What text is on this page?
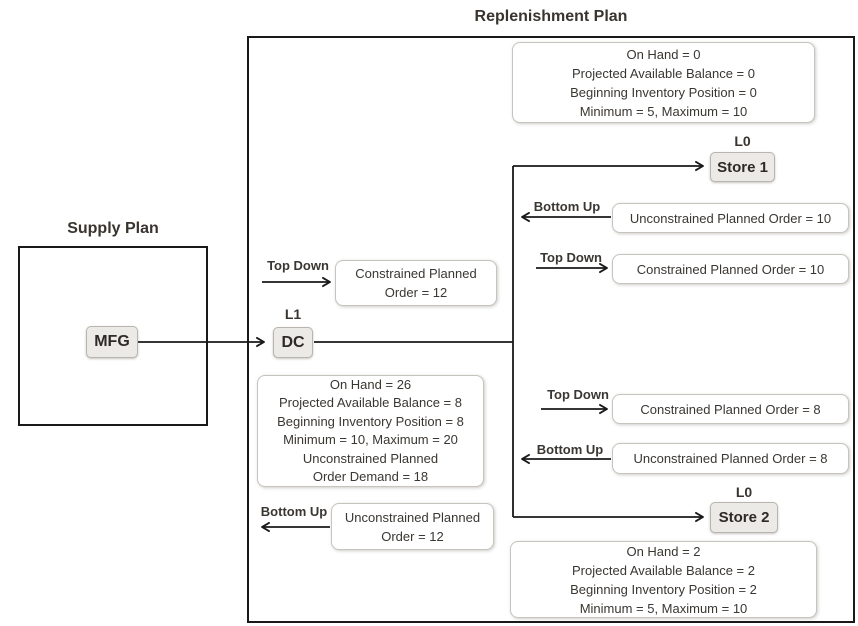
Replenishment Plan
Supply Plan
MFG	DC
Store 1
Store 2
L1
L0
L0
Top Down
Bottom Up
Bottom Up
Top Down
Top Down
Bottom Up
On Hand = 0
Projected Available Balance = 0
Beginning Inventory Position = 0
Minimum = 5, Maximum = 10
On Hand = 26
Projected Available Balance = 8
Beginning Inventory Position = 8
Minimum = 10, Maximum = 20
Unconstrained Planned
Order Demand = 18
On Hand = 2
Projected Available Balance = 2
Beginning Inventory Position = 2
Minimum = 5, Maximum = 10
Constrained Planned Order = 12
Unconstrained Planned Order = 12
Unconstrained Planned Order = 10
Constrained Planned Order = 10
Constrained Planned Order = 8
Unconstrained Planned Order = 8
